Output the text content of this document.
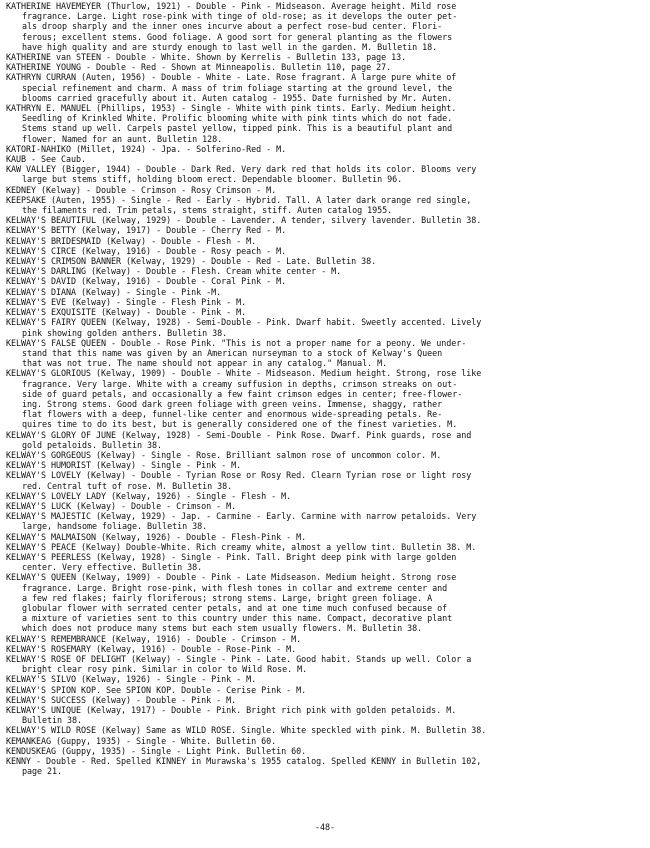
KATHERINE HAVEMEYER (Thurlow, 1921) - Double - Pink - Midseason. Average height. Mild rose
fragrance. Large. Light rose-pink with tinge of old-rose; as it develops the outer pet-
als droop sharply and the inner ones incurve about a perfect rose-bud center. Flori-
ferous; excellent stems. Good foliage. A good sort for general planting as the flowers
have high quality and are sturdy enough to last well in the garden. M. Bulletin 18.
KATHERINE van STEEN - Double - White. Shown by Kerrelis - Bulletin 133, page 13.
KATHERINE YOUNG - Double - Red - Shown at Minneapolis. Bulletin 110, page 27.
KATHRYN CURRAN (Auten, 1956) - Double - White - Late. Rose fragrant. A large pure white of
special refinement and charm. A mass of trim foliage starting at the ground level, the
blooms carried gracefully about it. Auten catalog - 1955. Date furnished by Mr. Auten.
KATHRYN E. MANUEL (Phillips, 1953) - Single - White with pink tints. Early. Medium height.
Seedling of Krinkled White. Prolific blooming white with pink tints which do not fade.
Stems stand up well. Carpels pastel yellow, tipped pink. This is a beautiful plant and
flower. Named for an aunt. Bulletin 128.
KATORI-NAHIKO (Millet, 1924) - Jpa. - Solferino-Red - M.
KAUB - See Caub.
KAW VALLEY (Bigger, 1944) - Double - Dark Red. Very dark red that holds its color. Blooms very
large but stems stiff, holding bloom erect. Dependable bloomer. Bulletin 96.
KEDNEY (Kelway) - Double - Crimson - Rosy Crimson - M.
KEEPSAKE (Auten, 1955) - Single - Red - Early - Hybrid. Tall. A later dark orange red single,
the filaments red. Trim petals, stems straight, stiff. Auten catalog 1955.
KELWAY'S BEAUTIFUL (Kelway, 1929) - Double - Lavender. A tender, silvery lavender. Bulletin 38.
KELWAY'S BETTY (Kelway, 1917) - Double - Cherry Red - M.
KELWAY'S BRIDESMAID (Kelway) - Double - Flesh - M.
KELWAY'S CIRCE (Kelway, 1916) - Double - Rosy peach - M.
KELWAY'S CRIMSON BANNER (Kelway, 1929) - Double - Red - Late. Bulletin 38.
KELWAY'S DARLING (Kelway) - Double - Flesh. Cream white center - M.
KELWAY'S DAVID (Kelway, 1916) - Double - Coral Pink - M.
KELWAY'S DIANA (Kelway) - Single - Pink -M.
KELWAY'S EVE (Kelway) - Single - Flesh Pink - M.
KELWAY'S EXQUISITE (Kelway) - Double - Pink - M.
KELWAY'S FAIRY QUEEN (Kelway, 1928) - Semi-Double - Pink. Dwarf habit. Sweetly accented. Lively
pink showing golden anthers. Bulletin 38.
KELWAY'S FALSE QUEEN - Double - Rose Pink. "This is not a proper name for a peony. We under-
stand that this name was given by an American nurseyman to a stock of Kelway's Queen
that was not true. The name should not appear in any catalog." Manual. M.
KELWAY'S GLORIOUS (Kelway, 1909) - Double - White - Midseason. Medium height. Strong, rose like
fragrance. Very large. White with a creamy suffusion in depths, crimson streaks on out-
side of guard petals, and occasionally a few faint crimson edges in center; free-flower-
ing. Strong stems. Good dark green foliage with green veins. Immense, shaggy, rather
flat flowers with a deep, funnel-like center and enormous wide-spreading petals. Re-
quires time to do its best, but is generally considered one of the finest varieties. M.
KELWAY'S GLORY OF JUNE (Kelway, 1928) - Semi-Double - Pink Rose. Dwarf. Pink guards, rose and
gold petaloids. Bulletin 38.
KELWAY'S GORGEOUS (Kelway) - Single - Rose. Brilliant salmon rose of uncommon color. M.
KELWAY'S HUMORIST (Kelway) - Single - Pink - M.
KELWAY'S LOVELY (Kelway) - Double - Tyrian Rose or Rosy Red. Clearn Tyrian rose or light rosy
red. Central tuft of rose. M. Bulletin 38.
KELWAY'S LOVELY LADY (Kelway, 1926) - Single - Flesh - M.
KELWAY'S LUCK (Kelway) - Double - Crimson - M.
KELWAY'S MAJESTIC (Kelway, 1929) - Jap. - Carmine - Early. Carmine with narrow petaloids. Very
large, handsome foliage. Bulletin 38.
KELWAY'S MALMAISON (Kelway, 1926) - Double - Flesh-Pink - M.
KELWAY'S PEACE (Kelway) Double-White. Rich creamy white, almost a yellow tint. Bulletin 38. M.
KELWAY'S PEERLESS (Kelway, 1928) - Single - Pink. Tall. Bright deep pink with large golden
center. Very effective. Bulletin 38.
KELWAY'S QUEEN (Kelway, 1909) - Double - Pink - Late Midseason. Medium height. Strong rose
fragrance. Large. Bright rose-pink, with flesh tones in collar and extreme center and
a few red flakes; fairly floriferous; strong stems. Large, bright green foliage. A
globular flower with serrated center petals, and at one time much confused because of
a mixture of varieties sent to this country under this name. Compact, decorative plant
which does not produce many stems but each stem usually flowers. M. Bulletin 38.
KELWAY'S REMEMBRANCE (Kelway, 1916) - Double - Crimson - M.
KELWAY'S ROSEMARY (Kelway, 1916) - Double - Rose-Pink - M.
KELWAY'S ROSE OF DELIGHT (Kelway) - Single - Pink - Late. Good habit. Stands up well. Color a
bright clear rosy pink. Similar in color to Wild Rose. M.
KELWAY'S SILVO (Kelway, 1926) - Single - Pink - M.
KELWAY'S SPION KOP. See SPION KOP. Double - Cerise Pink - M.
KELWAY'S SUCCESS (Kelway) - Double - Pink - M.
KELWAY'S UNIQUE (Kelway, 1917) - Double - Pink. Bright rich pink with golden petaloids. M.
Bulletin 38.
KELWAY'S WILD ROSE (Kelway) Same as WILD ROSE. Single. White speckled with pink. M. Bulletin 38.
KEMANKEAG (Guppy, 1935) - Single - White. Bulletin 60.
KENDUSKEAG (Guppy, 1935) - Single - Light Pink. Bulletin 60.
KENNY - Double - Red. Spelled KINNEY in Murawska's 1955 catalog. Spelled KENNY in Bulletin 102,
page 21.
-48-
